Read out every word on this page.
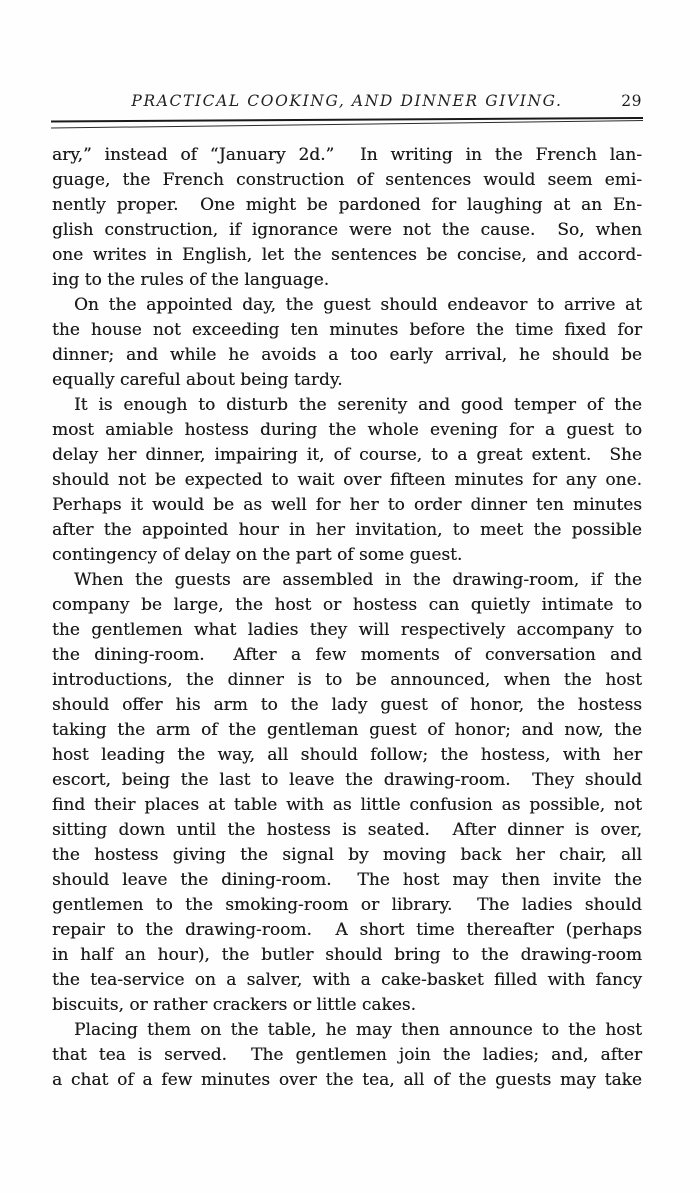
PRACTICAL COOKING, AND DINNER GIVING.	29
ary,” instead of “January 2d.”  In writing in the French lan-
guage, the French construction of sentences would seem emi-
nently proper.  One might be pardoned for laughing at an En-
glish construction, if ignorance were not the cause.  So, when
one writes in English, let the sentences be concise, and accord-
ing to the rules of the language.
On the appointed day, the guest should endeavor to arrive at
the house not exceeding ten minutes before the time fixed for
dinner; and while he avoids a too early arrival, he should be
equally careful about being tardy.
It is enough to disturb the serenity and good temper of the
most amiable hostess during the whole evening for a guest to
delay her dinner, impairing it, of course, to a great extent.  She
should not be expected to wait over fifteen minutes for any one.
Perhaps it would be as well for her to order dinner ten minutes
after the appointed hour in her invitation, to meet the possible
contingency of delay on the part of some guest.
When the guests are assembled in the drawing-room, if the
company be large, the host or hostess can quietly intimate to
the gentlemen what ladies they will respectively accompany to
the dining-room.  After a few moments of conversation and
introductions, the dinner is to be announced, when the host
should offer his arm to the lady guest of honor, the hostess
taking the arm of the gentleman guest of honor; and now, the
host leading the way, all should follow; the hostess, with her
escort, being the last to leave the drawing-room.  They should
find their places at table with as little confusion as possible, not
sitting down until the hostess is seated.  After dinner is over,
the hostess giving the signal by moving back her chair, all
should leave the dining-room.  The host may then invite the
gentlemen to the smoking-room or library.  The ladies should
repair to the drawing-room.  A short time thereafter (perhaps
in half an hour), the butler should bring to the drawing-room
the tea-service on a salver, with a cake-basket filled with fancy
biscuits, or rather crackers or little cakes.
Placing them on the table, he may then announce to the host
that tea is served.  The gentlemen join the ladies; and, after
a chat of a few minutes over the tea, all of the guests may take
